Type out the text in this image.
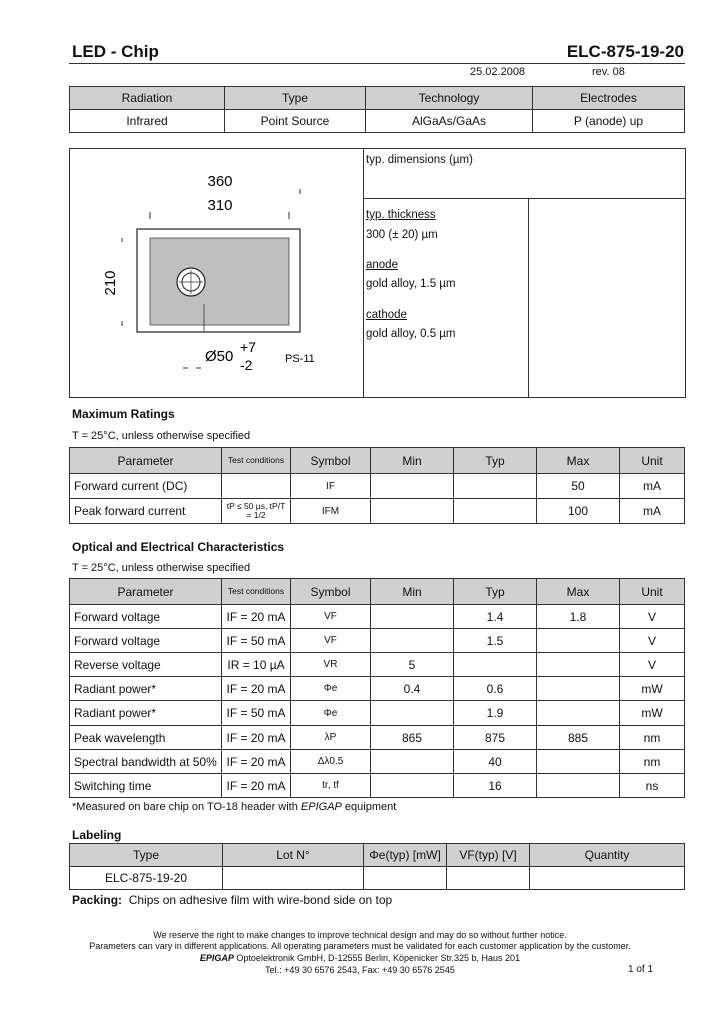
LED - Chip	ELC-875-19-20
25.02.2008	rev. 08
Radiation	Type	Technology	Electrodes
Infrared	Point Source	AlGaAs/GaAs	P (anode) up
360
310
210
Ø50
+7
-2	PS-11
typ. dimensions (µm)
typ. thickness
300 (± 20) µm
anode
gold alloy, 1.5 µm
cathode
gold alloy, 0.5 µm
Maximum Ratings
T = 25°C, unless otherwise specified
Parameter	Test conditions	Symbol	Min	Typ	Max	Unit
Forward current (DC)		IF			50	mA
Peak forward current	tP ≤ 50 µs, tP/T = 1/2	IFM			100	mA
Optical and Electrical Characteristics
T = 25°C, unless otherwise specified
Parameter	Test conditions	Symbol	Min	Typ	Max	Unit
Forward voltage	IF = 20 mA	VF		1.4	1.8	V
Forward voltage	IF = 50 mA	VF		1.5		V
Reverse voltage	IR = 10 µA	VR	5			V
Radiant power*	IF = 20 mA	Φe	0.4	0.6		mW
Radiant power*	IF = 50 mA	Φe		1.9		mW
Peak wavelength	IF = 20 mA	λP	865	875	885	nm
Spectral bandwidth at 50%	IF = 20 mA	Δλ0.5		40		nm
Switching time	IF = 20 mA	tr, tf		16		ns
*Measured on bare chip on TO-18 header with EPIGAP equipment
Labeling
Type	Lot N°	Φe(typ) [mW]	VF(typ) [V]	Quantity
ELC-875-19-20				
Packing: Chips on adhesive film with wire-bond side on top
We reserve the right to make changes to improve technical design and may do so without further notice.
Parameters can vary in different applications. All operating parameters must be validated for each customer application by the customer.
EPIGAP Optoelektronik GmbH, D-12555 Berlin, Köpenicker Str.325 b, Haus 201
Tel.: +49 30 6576 2543, Fax: +49 30 6576 2545	1 of 1
